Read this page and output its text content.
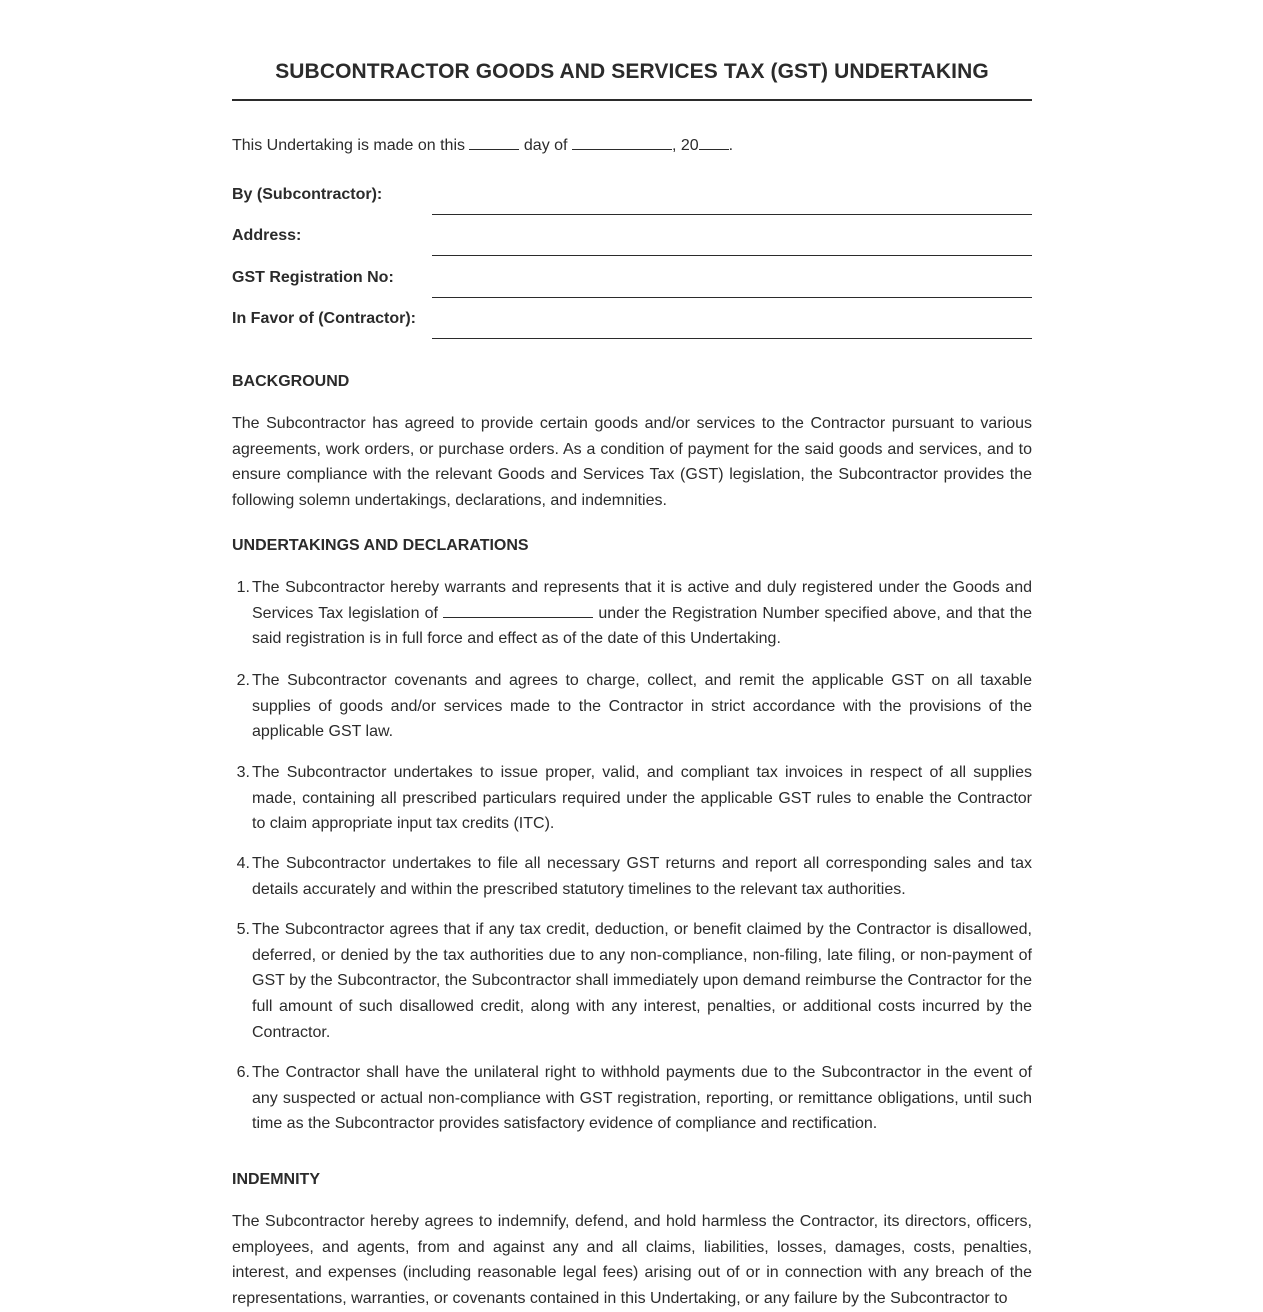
SUBCONTRACTOR GOODS AND SERVICES TAX (GST) UNDERTAKING
This Undertaking is made on this	day of	, 20 .
By (Subcontractor):
Address:
GST Registration No:
In Favor of (Contractor):
BACKGROUND

The Subcontractor has agreed to provide certain goods and/or services to the Contractor pursuant to various agreements, work orders, or purchase orders. As a condition of payment for the said goods and services, and to ensure compliance with the relevant Goods and Services Tax (GST) legislation, the Subcontractor provides the following solemn undertakings, declarations, and indemnities.

UNDERTAKINGS AND DECLARATIONS
1. The Subcontractor hereby warrants and represents that it is active and duly registered under the Goods and Services Tax legislation of	under the Registration Number specified above, and that the said registration is in full force and effect as of the date of this Undertaking.
2. The Subcontractor covenants and agrees to charge, collect, and remit the applicable GST on all taxable supplies of goods and/or services made to the Contractor in strict accordance with the provisions of the applicable GST law.
3. The Subcontractor undertakes to issue proper, valid, and compliant tax invoices in respect of all supplies made, containing all prescribed particulars required under the applicable GST rules to enable the Contractor to claim appropriate input tax credits (ITC).
4. The Subcontractor undertakes to file all necessary GST returns and report all corresponding sales and tax details accurately and within the prescribed statutory timelines to the relevant tax authorities.
5. The Subcontractor agrees that if any tax credit, deduction, or benefit claimed by the Contractor is disallowed, deferred, or denied by the tax authorities due to any non-compliance, non-filing, late filing, or non-payment of GST by the Subcontractor, the Subcontractor shall immediately upon demand reimburse the Contractor for the full amount of such disallowed credit, along with any interest, penalties, or additional costs incurred by the Contractor.
6. The Contractor shall have the unilateral right to withhold payments due to the Subcontractor in the event of any suspected or actual non-compliance with GST registration, reporting, or remittance obligations, until such time as the Subcontractor provides satisfactory evidence of compliance and rectification.
INDEMNITY

The Subcontractor hereby agrees to indemnify, defend, and hold harmless the Contractor, its directors, officers, employees, and agents, from and against any and all claims, liabilities, losses, damages, costs, penalties, interest, and expenses (including reasonable legal fees) arising out of or in connection with any breach of the representations, warranties, or covenants contained in this Undertaking, or any failure by the Subcontractor to
